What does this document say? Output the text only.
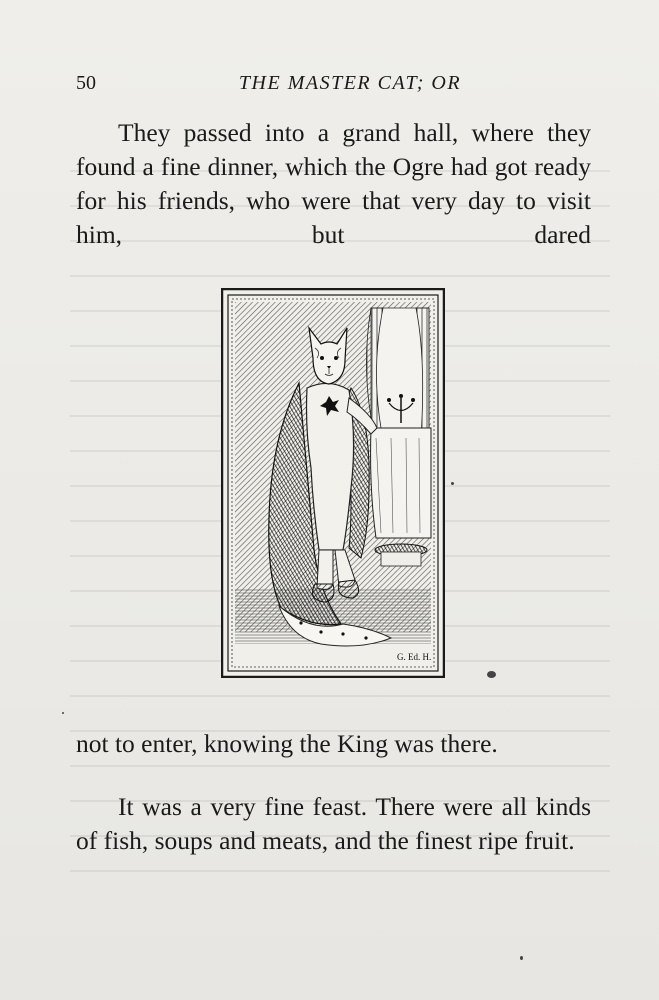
50	THE MASTER CAT; OR

They passed into a grand hall, where they found a fine dinner, which the Ogre had got ready for his friends, who were that very day to visit him, but dared

G. Ed. H.

not to enter, knowing the King was there.

It was a very fine feast. There were all kinds of fish, soups and meats, and the finest ripe fruit.
